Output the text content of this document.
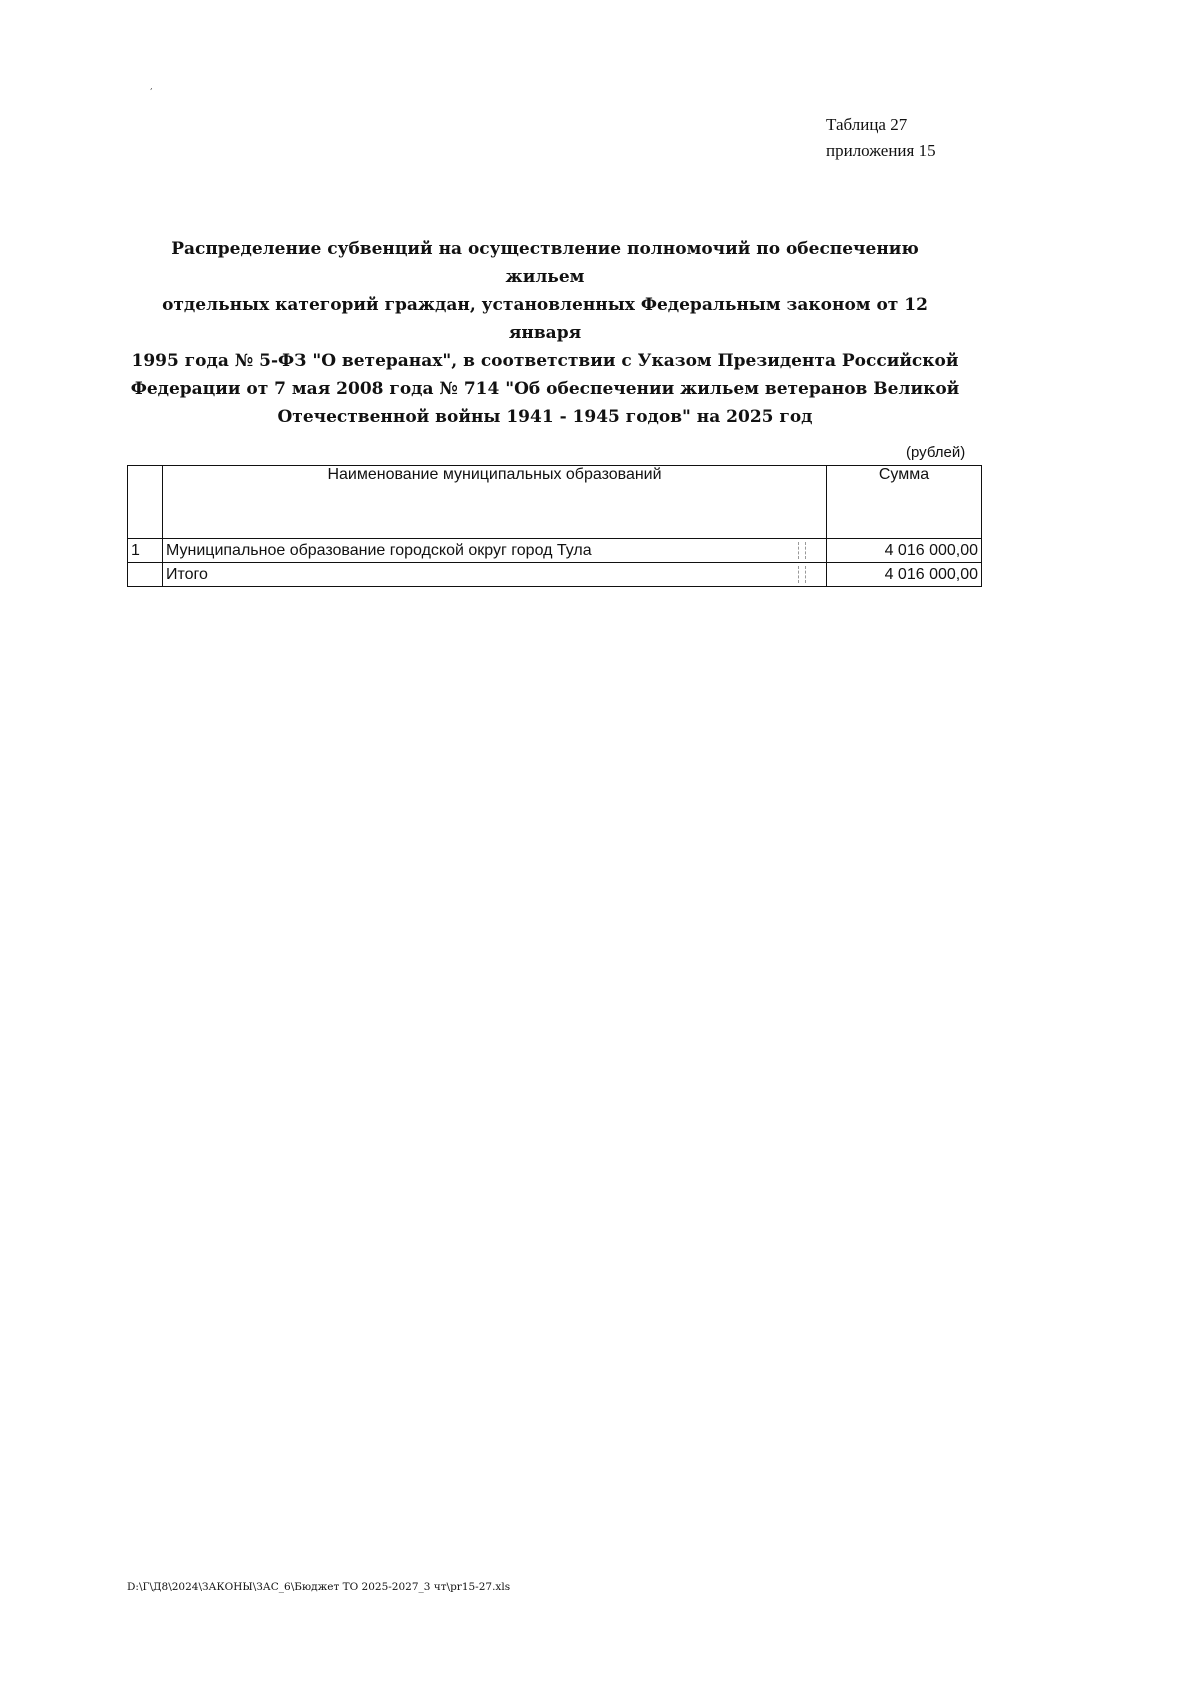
‚
Таблица 27
приложения 15
Распределение субвенций на осуществление полномочий по обеспечению жильем
отдельных категорий граждан, установленных Федеральным законом от 12 января
1995 года № 5-ФЗ "О ветеранах", в соответствии с Указом Президента Российской
Федерации от 7 мая 2008 года № 714 "Об обеспечении жильем ветеранов Великой
Отечественной войны 1941 - 1945 годов" на 2025 год
(рублей)
	Наименование муниципальных образований	Сумма
1	Муниципальное образование городской округ город Тула	4 016 000,00
	Итого	4 016 000,00
D:\Г\Д8\2024\ЗАКОНЫ\ЗАС_6\Бюджет ТО 2025-2027_3 чт\pr15-27.xls
